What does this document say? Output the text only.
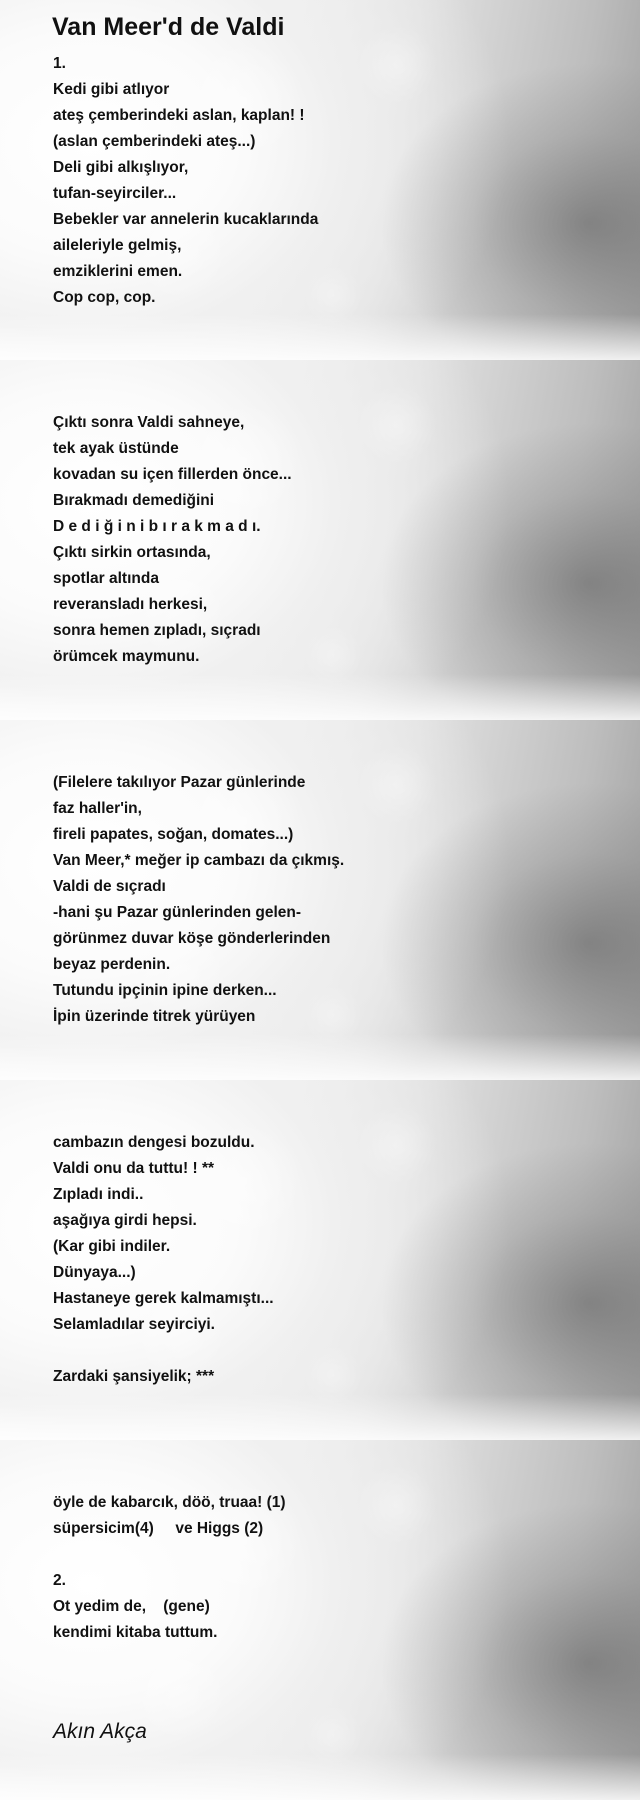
Van Meer'd de Valdi
1.
Kedi gibi atlıyor
ateş çemberindeki aslan, kaplan! !
(aslan çemberindeki ateş...)
Deli gibi alkışlıyor,
tufan-seyirciler...
Bebekler var annelerin kucaklarında
aileleriyle gelmiş,
emziklerini emen.
Cop cop, cop.
Çıktı sonra Valdi sahneye,
tek ayak üstünde
kovadan su içen fillerden önce...
Bırakmadı demediğini
D e d i ğ i n i b ı r a k m a d ı.
Çıktı sirkin ortasında,
spotlar altında
reveransladı herkesi,
sonra hemen zıpladı, sıçradı
örümcek maymunu.
(Filelere takılıyor Pazar günlerinde
faz haller'in,
fireli papates, soğan, domates...)
Van Meer,* meğer ip cambazı da çıkmış.
Valdi de sıçradı
-hani şu Pazar günlerinden gelen-
görünmez duvar köşe gönderlerinden
beyaz perdenin.
Tutundu ipçinin ipine derken...
İpin üzerinde titrek yürüyen
cambazın dengesi bozuldu.
Valdi onu da tuttu! ! **
Zıpladı indi..
aşağıya girdi hepsi.
(Kar gibi indiler.
Dünyaya...)
Hastaneye gerek kalmamıştı...
Selamladılar seyirciyi.
Zardaki şansiyelik; ***
öyle de kabarcık, döö, truaa! (1)
süpersicim(4)     ve Higgs (2)
2.
Ot yedim de,    (gene)
kendimi kitaba tuttum.
Akın Akça
